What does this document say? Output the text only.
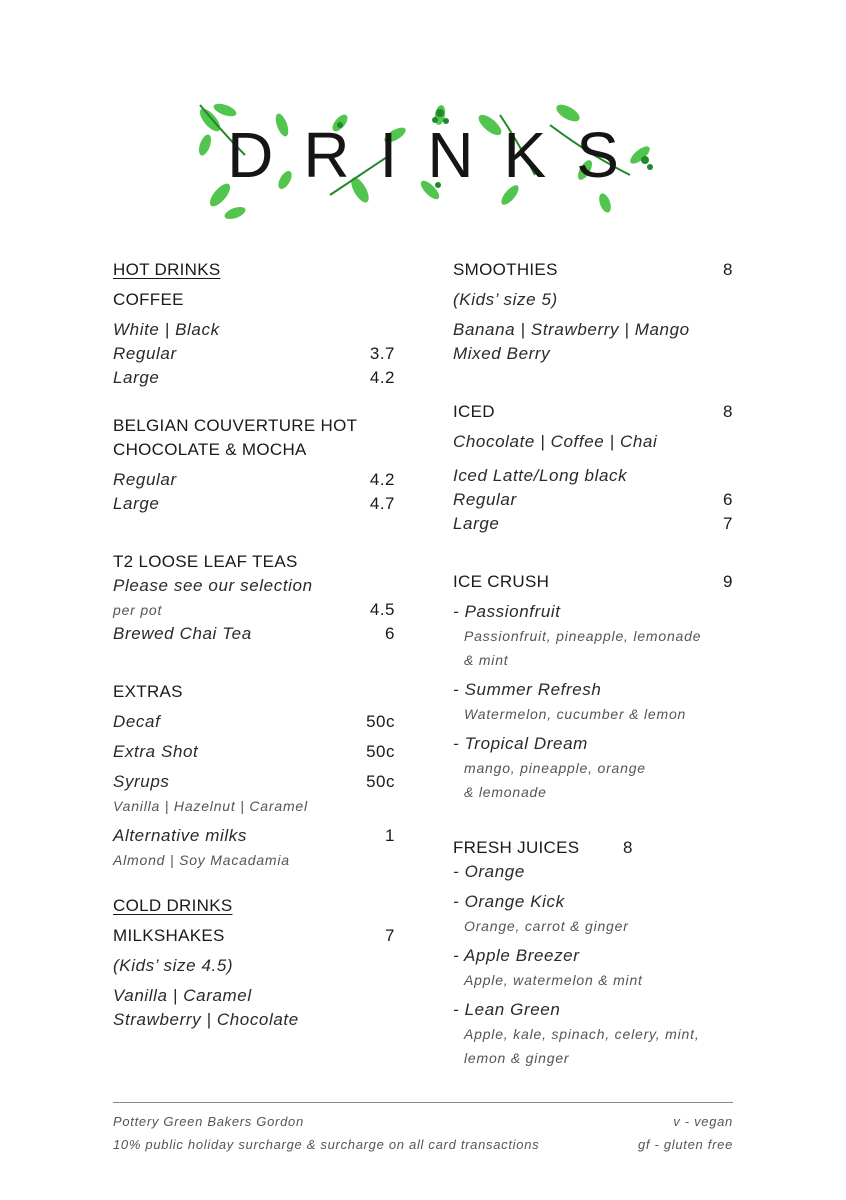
DRINKS
HOT DRINKS
COFFEE
White | Black
Regular	3.7
Large	4.2
BELGIAN COUVERTURE HOT
CHOCOLATE & MOCHA
Regular	4.2
Large	4.7
T2 LOOSE LEAF TEAS
Please see our selection
per pot	4.5
Brewed Chai Tea	6
EXTRAS
Decaf	50c
Extra Shot	50c
Syrups	50c
Vanilla | Hazelnut | Caramel
Alternative milks	1
Almond | Soy Macadamia
COLD DRINKS
MILKSHAKES	7
(Kids’ size 4.5)
Vanilla | Caramel
Strawberry | Chocolate
SMOOTHIES	8
(Kids’ size 5)
Banana | Strawberry | Mango
Mixed Berry
ICED	8
Chocolate | Coffee | Chai
Iced Latte/Long black
Regular	6
Large	7
ICE CRUSH	9
- Passionfruit
Passionfruit, pineapple, lemonade
& mint
- Summer Refresh
Watermelon, cucumber & lemon
- Tropical Dream
mango, pineapple, orange
& lemonade
FRESH JUICES	8
- Orange
- Orange Kick
Orange, carrot & ginger
- Apple Breezer
Apple, watermelon & mint
- Lean Green
Apple, kale, spinach, celery, mint,
lemon & ginger
Pottery Green Bakers Gordon
10% public holiday surcharge & surcharge on all card transactions
v - vegan
gf - gluten free
